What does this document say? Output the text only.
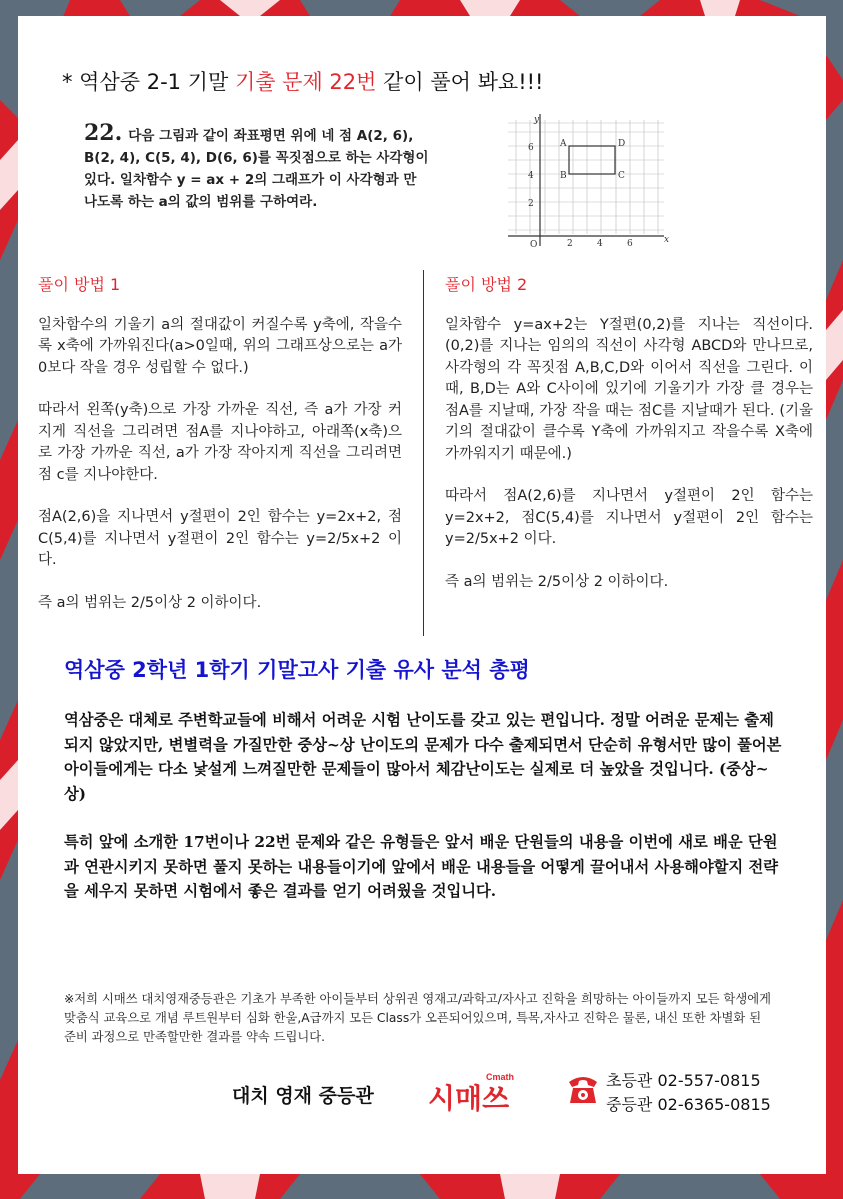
* 역삼중 2-1 기말 기출 문제 22번 같이 풀어 봐요!!!
22. 다음 그림과 같이 좌표평면 위에 네 점 A(2, 6), B(2, 4), C(5, 4), D(6, 6)를 꼭짓점으로 하는 사각형이 있다. 일차함수 y = ax + 2의 그래프가 이 사각형과 만나도록 하는 a의 값의 범위를 구하여라.
x
y
O	2	4	6
2
4
6	A
B	C
D
풀이 방법 1

일차함수의 기울기 a의 절대값이 커질수록 y축에, 작을수록 x축에 가까워진다(a>0일때, 위의 그래프상으로는 a가 0보다 작을 경우 성립할 수 없다.)

따라서 왼쪽(y축)으로 가장 가까운 직선, 즉 a가 가장 커지게 직선을 그리려면 점A를 지나야하고, 아래쪽(x축)으로 가장 가까운 직선, a가 가장 작아지게 직선을 그리려면 점 c를 지나야한다.

점A(2,6)을 지나면서 y절편이 2인 함수는 y=2x+2, 점C(5,4)를 지나면서 y절편이 2인 함수는 y=2/5x+2 이다.

즉 a의 범위는 2/5이상 2 이하이다.

풀이 방법 2

일차함수 y=ax+2는 Y절편(0,2)를 지나는 직선이다. (0,2)를 지나는 임의의 직선이 사각형 ABCD와 만나므로, 사각형의 각 꼭짓점 A,B,C,D와 이어서 직선을 그린다. 이 때, B,D는 A와 C사이에 있기에 기울기가 가장 클 경우는 점A를 지날때, 가장 작을 때는 점C를 지날때가 된다. (기울기의 절대값이 클수록 Y축에 가까워지고 작을수록 X축에 가까워지기 때문에.)

따라서 점A(2,6)를 지나면서 y절편이 2인 함수는 y=2x+2, 점C(5,4)를 지나면서 y절편이 2인 함수는 y=2/5x+2 이다.

즉 a의 범위는 2/5이상 2 이하이다.

역삼중 2학년 1학기 기말고사 기출 유사 분석 총평

역삼중은 대체로 주변학교들에 비해서 어려운 시험 난이도를 갖고 있는 편입니다. 정말 어려운 문제는 출제되지 않았지만, 변별력을 가질만한 중상~상 난이도의 문제가 다수 출제되면서 단순히 유형서만 많이 풀어본 아이들에게는 다소 낯설게 느껴질만한 문제들이 많아서 체감난이도는 실제로 더 높았을 것입니다. (중상~상)

특히 앞에 소개한 17번이나 22번 문제와 같은 유형들은 앞서 배운 단원들의 내용을 이번에 새로 배운 단원과 연관시키지 못하면 풀지 못하는 내용들이기에 앞에서 배운 내용들을 어떻게 끌어내서 사용해야할지 전략을 세우지 못하면 시험에서 좋은 결과를 얻기 어려웠을 것입니다.

※저희 시매쓰 대치영재중등관은 기초가 부족한 아이들부터 상위권 영재고/과학고/자사고 진학을 희망하는 아이들까지 모든 학생에게 맞춤식 교육으로 개념 루트원부터 심화 한울,A급까지 모든 Class가 오픈되어있으며, 특목,자사고 진학은 물론, 내신 또한 차별화 된 준비 과정으로 만족할만한 결과를 약속 드립니다.

대치 영재 중등관
Cmath
시매쓰
초등관 02-557-0815
중등관 02-6365-0815
